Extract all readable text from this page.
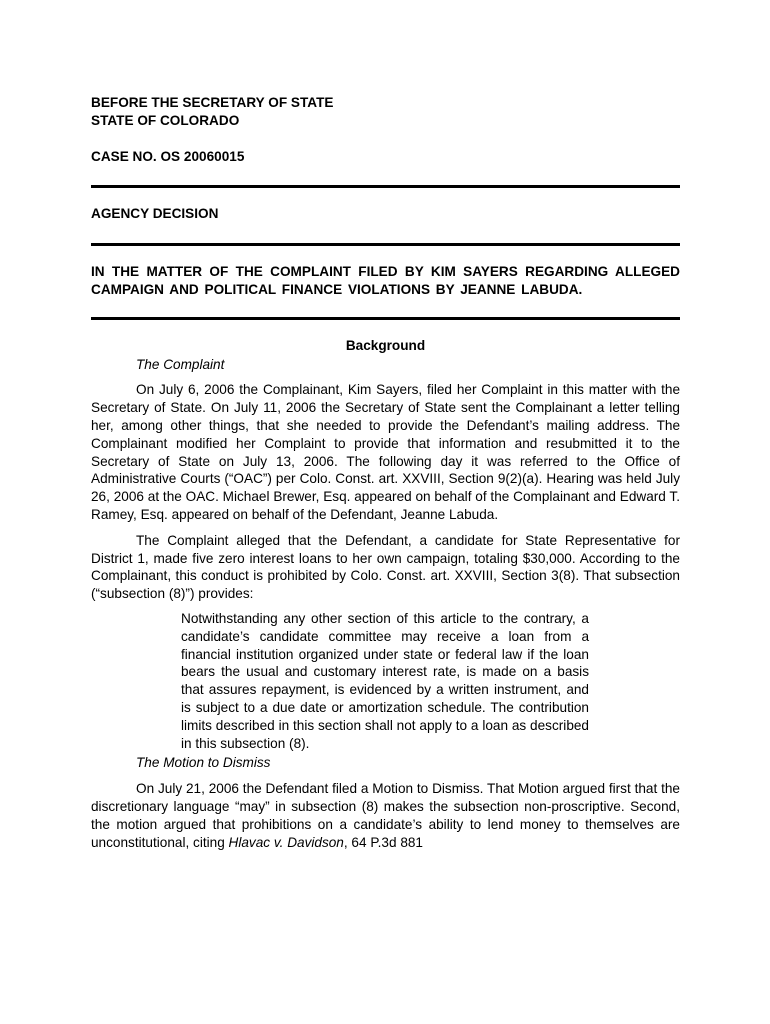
BEFORE THE SECRETARY OF STATE

STATE OF COLORADO

CASE NO. OS 20060015

AGENCY DECISION

IN THE MATTER OF THE COMPLAINT FILED BY KIM SAYERS REGARDING ALLEGED CAMPAIGN AND POLITICAL FINANCE VIOLATIONS BY JEANNE LABUDA.

Background

The Complaint

On July 6, 2006 the Complainant, Kim Sayers, filed her Complaint in this matter with the Secretary of State. On July 11, 2006 the Secretary of State sent the Complainant a letter telling her, among other things, that she needed to provide the Defendant’s mailing address. The Complainant modified her Complaint to provide that information and resubmitted it to the Secretary of State on July 13, 2006. The following day it was referred to the Office of Administrative Courts (“OAC”) per Colo. Const. art. XXVIII, Section 9(2)(a). Hearing was held July 26, 2006 at the OAC. Michael Brewer, Esq. appeared on behalf of the Complainant and Edward T. Ramey, Esq. appeared on behalf of the Defendant, Jeanne Labuda.

The Complaint alleged that the Defendant, a candidate for State Representative for District 1, made five zero interest loans to her own campaign, totaling $30,000. According to the Complainant, this conduct is prohibited by Colo. Const. art. XXVIII, Section 3(8). That subsection (“subsection (8)”) provides:

Notwithstanding any other section of this article to the contrary, a candidate’s candidate committee may receive a loan from a financial institution organized under state or federal law if the loan bears the usual and customary interest rate, is made on a basis that assures repayment, is evidenced by a written instrument, and is subject to a due date or amortization schedule. The contribution limits described in this section shall not apply to a loan as described in this subsection (8).

The Motion to Dismiss

On July 21, 2006 the Defendant filed a Motion to Dismiss. That Motion argued first that the discretionary language “may” in subsection (8) makes the subsection non-proscriptive. Second, the motion argued that prohibitions on a candidate’s ability to lend money to themselves are unconstitutional, citing Hlavac v. Davidson, 64 P.3d 881
